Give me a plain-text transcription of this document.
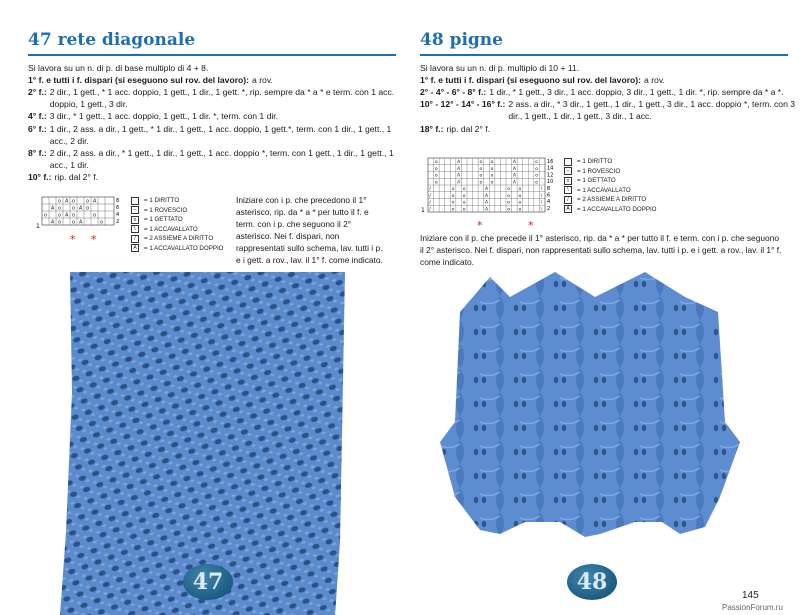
47 rete diagonale
Si lavora su un n. di p. di base multiplo di 4 + 8.
1° f. e tutti i f. dispari (si eseguono sul rov. del lavoro): a rov.
2° f.: 2 dir., 1 gett., * 1 acc. doppio, 1 gett., 1 dir., 1 gett. *, rip. sempre da * a * e term. con 1 acc. doppio, 1 gett., 3 dir.
4° f.: 3 dir., * 1 gett., 1 acc. doppio, 1 gett., 1 dir. *, term. con 1 dir.
6° f.: 1 dir., 2 ass. a dir., 1 gett., * 1 dir., 1 gett., 1 acc. doppio, 1 gett.*, term. con 1 dir., 1 gett., 1 acc., 2 dir.
8° f.: 2 dir., 2 ass. a dir., * 1 gett., 1 dir., 1 gett., 1 acc. doppio *, term. con 1 gett., 1 dir., 1 gett., 1 acc., 1 dir.
10° f.: rip. dal 2° f.
o A o o A
A o o A o
o o A o	o
A o o A	o
1
8
6
4
2
* *
= 1 DIRITTO
–	= 1 ROVESCIO
o	= 1 GETTATO
\	= 1 ACCAVALLATO
/	= 2 ASSIEME A DIRITTO
A	= 1 ACCAVALLATO DOPPIO
Iniziare con i p. che precedono il 1° asterisco, rip. da * a * per tutto il f. e term. con i p. che seguono il 2° asterisco. Nei f. dispari, non rappresentati sullo schema, lav. tutti i p. e i gett. a rov., lav. il 1° f. come indicato.
48 pigne
Si lavora su un n. di p. multiplo di 10 + 11.
1° f. e tutti i f. dispari (si eseguono sul rov. del lavoro): a rov.
2° - 4° - 6° - 8° f.: 1 dir., * 1 gett., 3 dir., 1 acc. doppio, 3 dir., 1 gett., 1 dir. *, rip. sempre da * a *.
10° - 12° - 14° - 16° f.: 2 ass. a dir., * 3 dir., 1 gett., 1 dir., 1 gett., 3 dir., 1 acc. doppio *, term. con 3 dir., 1 gett., 1 dir., 1 gett., 3 dir., 1 acc.
18° f.: rip. dal 2° f.
o	A	o o	A	o
o	A	o o	A	o
o	A	o o	A	o
o	A	o o	A	o
/	o o	A	o o	\
/	o o	A	o o	\
/	o o	A	o o	\
/	o o	A	o o	\
1
16
14
12
10
8
6
4
2
*	*
= 1 DIRITTO
–	= 1 ROVESCIO
o	= 1 GETTATO
\	= 1 ACCAVALLATO
/	= 2 ASSIEME A DIRITTO
A	= 1 ACCAVALLATO DOPPIO
Iniziare con il p. che precede il 1° asterisco, rip. da * a * per tutto il f. e term. con i p. che seguono il 2° asterisco. Nei f. dispari, non rappresentati sullo schema, lav. tutti i p. e i gett. a rov., lav. il 1° f. come indicato.
47	48
145
PassionForum.ru
